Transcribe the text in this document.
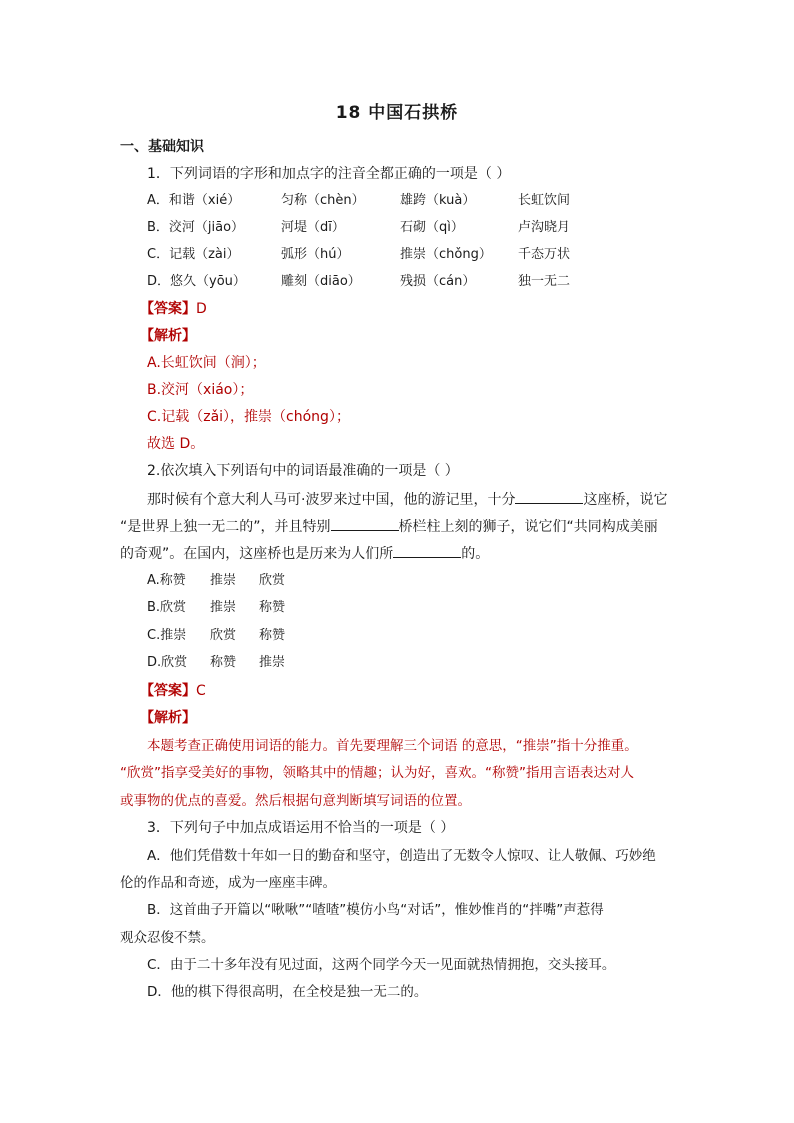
18 中国石拱桥
一、基础知识
1．下列词语的字形和加点字的注音全都正确的一项是（ ）
A．和谐（xié）	匀称（chèn）	雄跨（kuà）	长虹饮间
B．洨河（jiāo）	河堤（dī）	石砌（qì）	卢沟晓月
C．记载（zài）	弧形（hú）	推崇（chǒng） 千态万状
D．悠久（yōu）	雕刻（diāo）	残损（cán）	独一无二
【答案】D
【解析】
A.长虹饮间（涧）；
B.洨河（xiáo）；
C.记载（zǎi），推崇（chóng）；
故选 D。
2.依次填入下列语句中的词语最准确的一项是（ ）
那时候有个意大利人马可·波罗来过中国，他的游记里，十分	这座桥，说它
“是世界上独一无二的”，并且特别	桥栏柱上刻的狮子，说它们“共同构成美丽
的奇观”。在国内，这座桥也是历来为人们所	的。
A.称赞 推崇 欣赏
B.欣赏 推崇 称赞
C.推崇 欣赏 称赞
D.欣赏 称赞 推崇
【答案】C
【解析】
本题考查正确使用词语的能力。首先要理解三个词语 的意思，“推崇”指十分推重。
“欣赏”指享受美好的事物，领略其中的情趣；认为好，喜欢。“称赞”指用言语表达对人
或事物的优点的喜爱。然后根据句意判断填写词语的位置。
3．下列句子中加点成语运用不恰当的一项是（ ）
A．他们凭借数十年如一日的勤奋和坚守，创造出了无数令人惊叹、让人敬佩、巧妙绝
伦的作品和奇迹，成为一座座丰碑。
B．这首曲子开篇以“啾啾”“喳喳”模仿小鸟“对话”，惟妙惟肖的“拌嘴”声惹得
观众忍俊不禁。
C．由于二十多年没有见过面，这两个同学今天一见面就热情拥抱，交头接耳。
D．他的棋下得很高明，在全校是独一无二的。
